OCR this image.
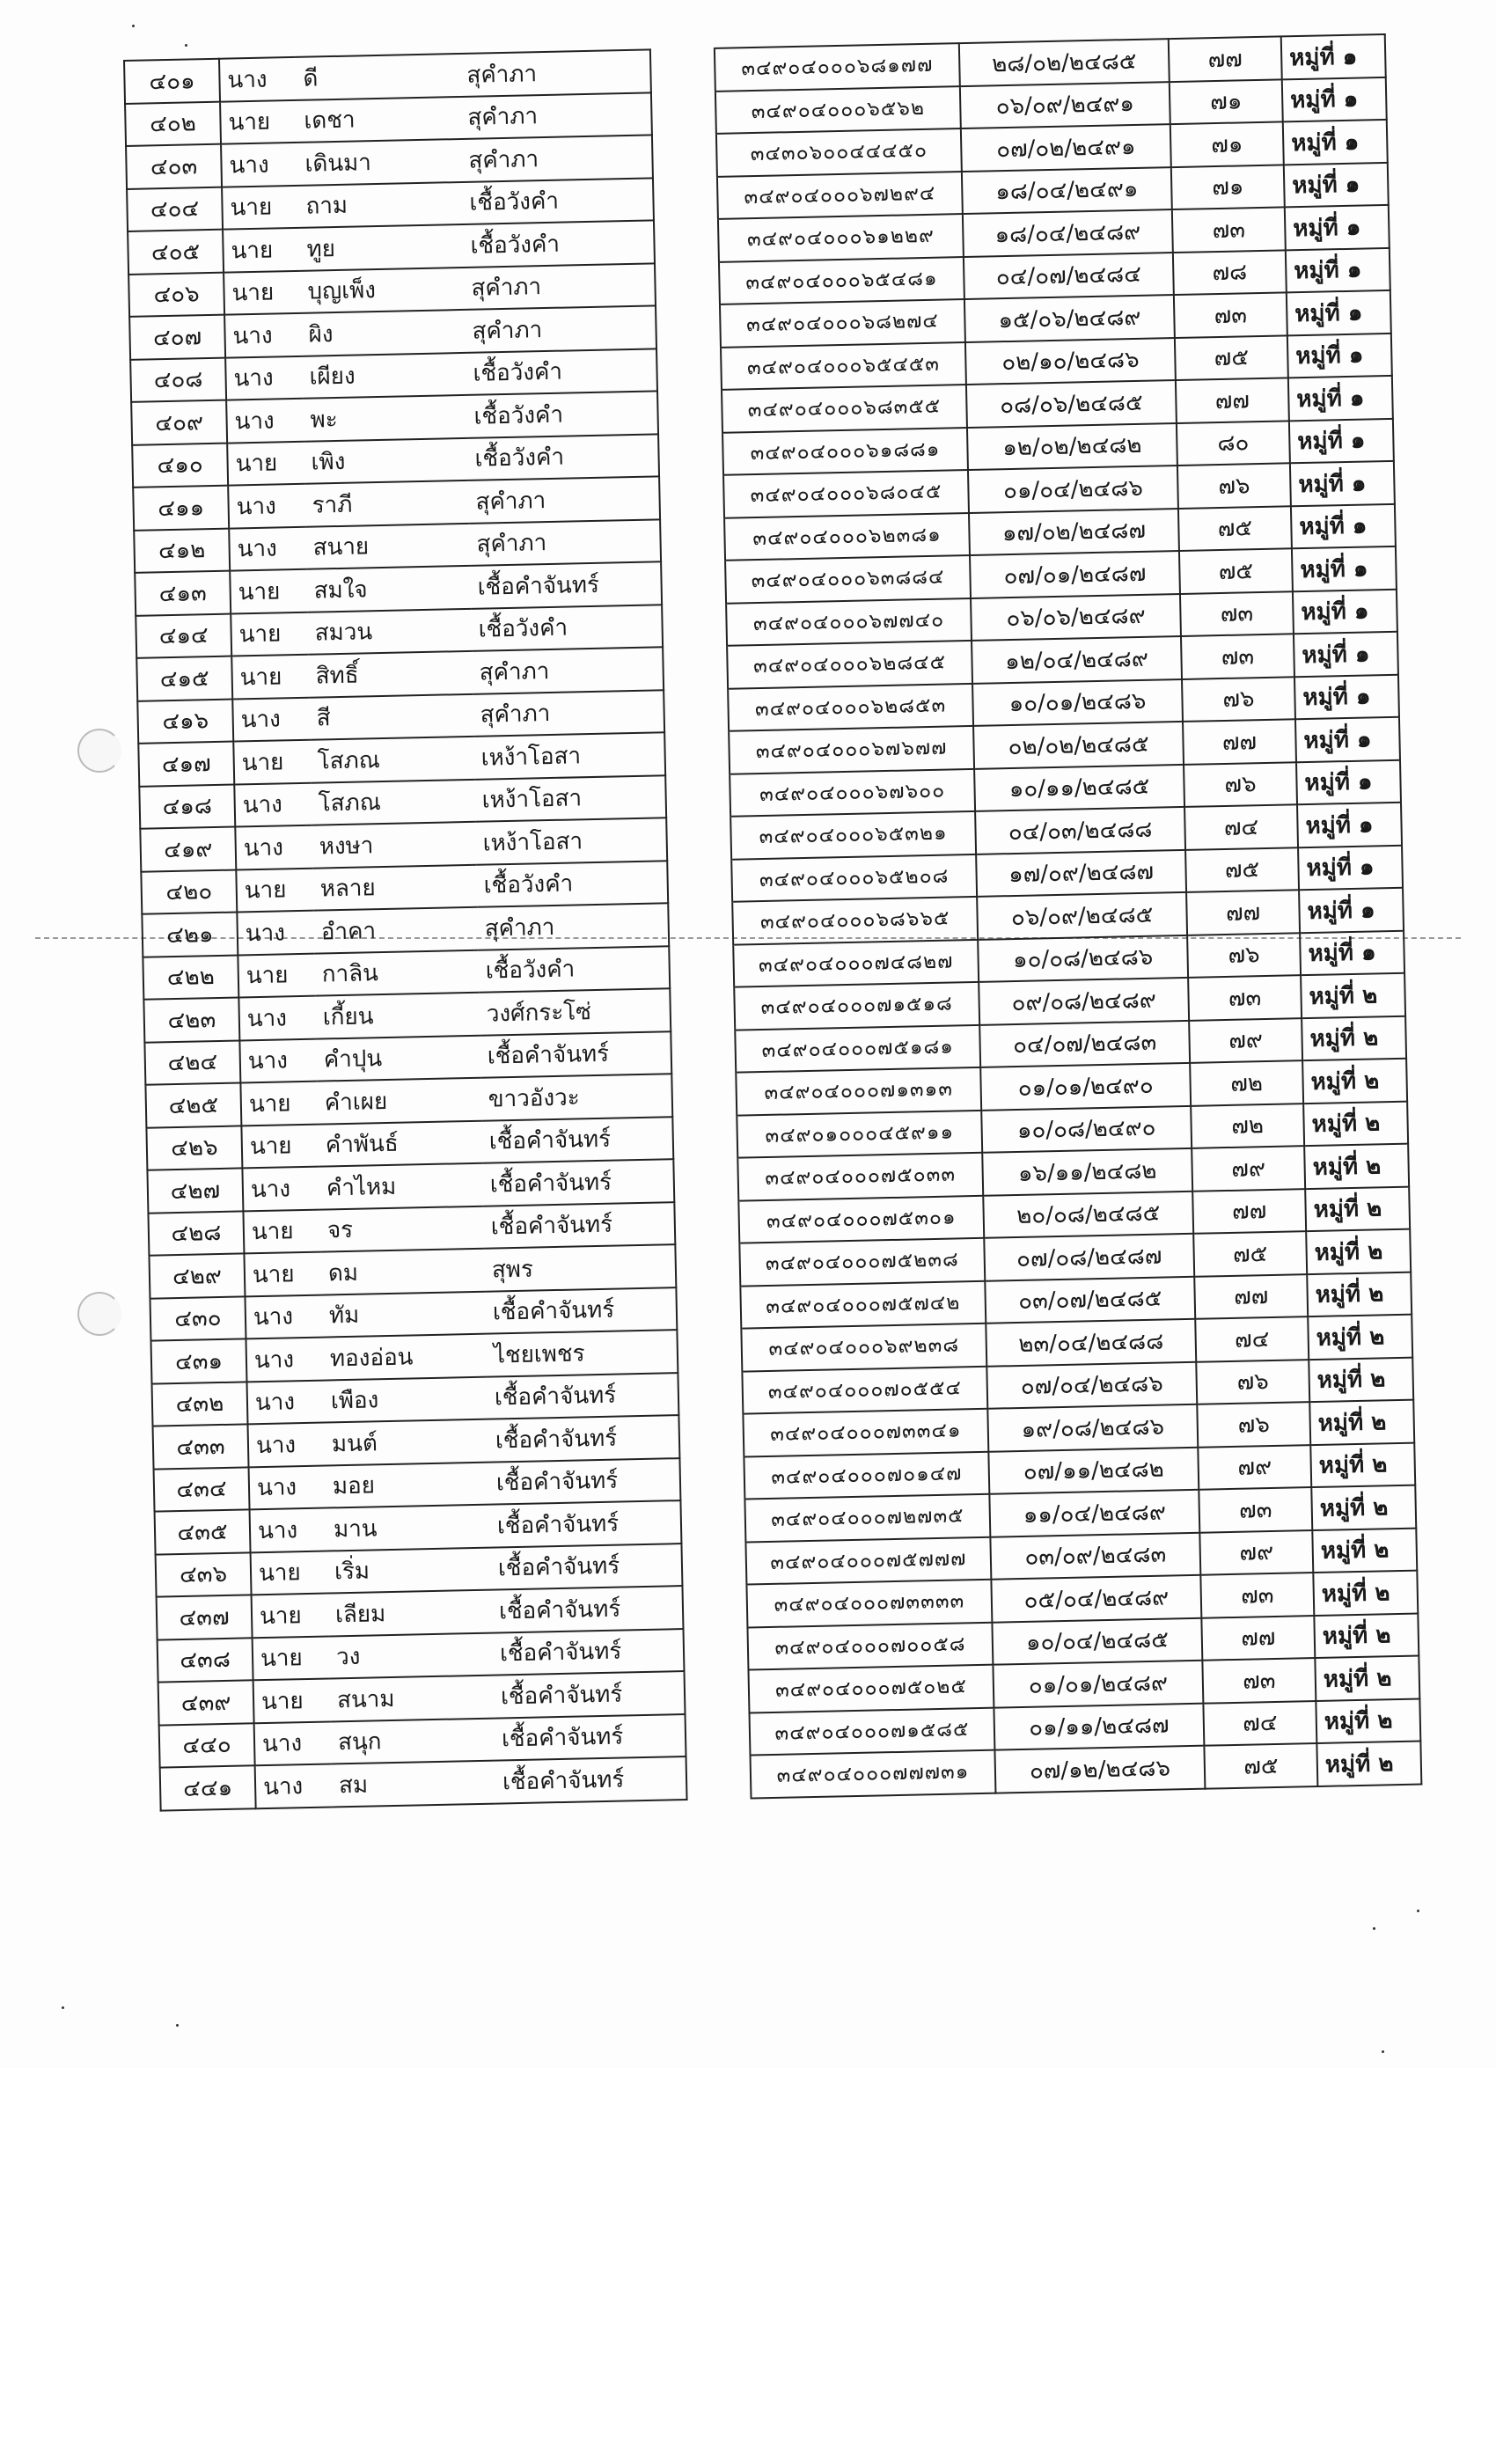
๔๐๑	นาง	ดี	สุคำภา		๓๔๙๐๔๐๐๐๖๘๑๗๗	๒๘/๐๒/๒๔๘๕	๗๗	หมู่ที่ ๑
๔๐๒	นาย	เดชา	สุคำภา		๓๔๙๐๔๐๐๐๖๕๖๒	๐๖/๐๙/๒๔๙๑	๗๑	หมู่ที่ ๑
๔๐๓	นาง	เดินมา	สุคำภา		๓๔๓๐๖๐๐๔๔๔๕๐	๐๗/๐๒/๒๔๙๑	๗๑	หมู่ที่ ๑
๔๐๔	นาย	ถาม	เชื้อวังคำ		๓๔๙๐๔๐๐๐๖๗๒๙๔	๑๘/๐๔/๒๔๙๑	๗๑	หมู่ที่ ๑
๔๐๕	นาย	ทูย	เชื้อวังคำ		๓๔๙๐๔๐๐๐๖๑๒๒๙	๑๘/๐๔/๒๔๘๙	๗๓	หมู่ที่ ๑
๔๐๖	นาย	บุญเพ็ง	สุคำภา		๓๔๙๐๔๐๐๐๖๕๔๘๑	๐๔/๐๗/๒๔๘๔	๗๘	หมู่ที่ ๑
๔๐๗	นาง	ผิง	สุคำภา		๓๔๙๐๔๐๐๐๖๘๒๗๔	๑๕/๐๖/๒๔๘๙	๗๓	หมู่ที่ ๑
๔๐๘	นาง	เผียง	เชื้อวังคำ		๓๔๙๐๔๐๐๐๖๕๔๕๓	๐๒/๑๐/๒๔๘๖	๗๕	หมู่ที่ ๑
๔๐๙	นาง	พะ	เชื้อวังคำ		๓๔๙๐๔๐๐๐๖๘๓๕๕	๐๘/๐๖/๒๔๘๕	๗๗	หมู่ที่ ๑
๔๑๐	นาย	เพิง	เชื้อวังคำ		๓๔๙๐๔๐๐๐๖๑๘๘๑	๑๒/๐๒/๒๔๘๒	๘๐	หมู่ที่ ๑
๔๑๑	นาง	ราภี	สุคำภา		๓๔๙๐๔๐๐๐๖๘๐๔๕	๐๑/๐๔/๒๔๘๖	๗๖	หมู่ที่ ๑
๔๑๒	นาง	สนาย	สุคำภา		๓๔๙๐๔๐๐๐๖๒๓๘๑	๑๗/๐๒/๒๔๘๗	๗๕	หมู่ที่ ๑
๔๑๓	นาย	สมใจ	เชื้อคำจันทร์		๓๔๙๐๔๐๐๐๖๓๘๘๔	๐๗/๐๑/๒๔๘๗	๗๕	หมู่ที่ ๑
๔๑๔	นาย	สมวน	เชื้อวังคำ		๓๔๙๐๔๐๐๐๖๗๗๔๐	๐๖/๐๖/๒๔๘๙	๗๓	หมู่ที่ ๑
๔๑๕	นาย	สิทธิ์	สุคำภา		๓๔๙๐๔๐๐๐๖๒๘๔๕	๑๒/๐๔/๒๔๘๙	๗๓	หมู่ที่ ๑
๔๑๖	นาง	สี	สุคำภา		๓๔๙๐๔๐๐๐๖๒๘๕๓	๑๐/๐๑/๒๔๘๖	๗๖	หมู่ที่ ๑
๔๑๗	นาย	โสภณ	เหง้าโอสา		๓๔๙๐๔๐๐๐๖๗๖๗๗	๐๒/๐๒/๒๔๘๕	๗๗	หมู่ที่ ๑
๔๑๘	นาง	โสภณ	เหง้าโอสา		๓๔๙๐๔๐๐๐๖๗๖๐๐	๑๐/๑๑/๒๔๘๕	๗๖	หมู่ที่ ๑
๔๑๙	นาง	หงษา	เหง้าโอสา		๓๔๙๐๔๐๐๐๖๕๓๒๑	๐๔/๐๓/๒๔๘๘	๗๔	หมู่ที่ ๑
๔๒๐	นาย	หลาย	เชื้อวังคำ		๓๔๙๐๔๐๐๐๖๕๒๐๘	๑๗/๐๙/๒๔๘๗	๗๕	หมู่ที่ ๑
๔๒๑	นาง	อำคา	สุคำภา		๓๔๙๐๔๐๐๐๖๘๖๖๕	๐๖/๐๙/๒๔๘๕	๗๗	หมู่ที่ ๑
๔๒๒	นาย	กาลิน	เชื้อวังคำ		๓๔๙๐๔๐๐๐๗๔๘๒๗	๑๐/๐๘/๒๔๘๖	๗๖	หมู่ที่ ๑
๔๒๓	นาง	เกี้ยน	วงศ์กระโซ่		๓๔๙๐๔๐๐๐๗๑๕๑๘	๐๙/๐๘/๒๔๘๙	๗๓	หมู่ที่ ๒
๔๒๔	นาง	คำปุน	เชื้อคำจันทร์		๓๔๙๐๔๐๐๐๗๕๑๘๑	๐๔/๐๗/๒๔๘๓	๗๙	หมู่ที่ ๒
๔๒๕	นาย	คำเผย	ขาวอังวะ		๓๔๙๐๔๐๐๐๗๑๓๑๓	๐๑/๐๑/๒๔๙๐	๗๒	หมู่ที่ ๒
๔๒๖	นาย	คำพันธ์	เชื้อคำจันทร์		๓๔๙๐๑๐๐๐๔๕๙๑๑	๑๐/๐๘/๒๔๙๐	๗๒	หมู่ที่ ๒
๔๒๗	นาง	คำไหม	เชื้อคำจันทร์		๓๔๙๐๔๐๐๐๗๕๐๓๓	๑๖/๑๑/๒๔๘๒	๗๙	หมู่ที่ ๒
๔๒๘	นาย	จร	เชื้อคำจันทร์		๓๔๙๐๔๐๐๐๗๕๓๐๑	๒๐/๐๘/๒๔๘๕	๗๗	หมู่ที่ ๒
๔๒๙	นาย	ดม	สุพร		๓๔๙๐๔๐๐๐๗๕๒๓๘	๐๗/๐๘/๒๔๘๗	๗๕	หมู่ที่ ๒
๔๓๐	นาง	ทัม	เชื้อคำจันทร์		๓๔๙๐๔๐๐๐๗๕๗๔๒	๐๓/๐๗/๒๔๘๕	๗๗	หมู่ที่ ๒
๔๓๑	นาง	ทองอ่อน	ไชยเพชร		๓๔๙๐๔๐๐๐๖๙๒๓๘	๒๓/๐๔/๒๔๘๘	๗๔	หมู่ที่ ๒
๔๓๒	นาง	เพือง	เชื้อคำจันทร์		๓๔๙๐๔๐๐๐๗๐๕๕๔	๐๗/๐๔/๒๔๘๖	๗๖	หมู่ที่ ๒
๔๓๓	นาง	มนต์	เชื้อคำจันทร์		๓๔๙๐๔๐๐๐๗๓๓๔๑	๑๙/๐๘/๒๔๘๖	๗๖	หมู่ที่ ๒
๔๓๔	นาง	มอย	เชื้อคำจันทร์		๓๔๙๐๔๐๐๐๗๐๑๔๗	๐๗/๑๑/๒๔๘๒	๗๙	หมู่ที่ ๒
๔๓๕	นาง	มาน	เชื้อคำจันทร์		๓๔๙๐๔๐๐๐๗๒๗๓๕	๑๑/๐๔/๒๔๘๙	๗๓	หมู่ที่ ๒
๔๓๖	นาย	เริ่ม	เชื้อคำจันทร์		๓๔๙๐๔๐๐๐๗๕๗๗๗	๐๓/๐๙/๒๔๘๓	๗๙	หมู่ที่ ๒
๔๓๗	นาย	เลียม	เชื้อคำจันทร์		๓๔๙๐๔๐๐๐๗๓๓๓๓	๐๕/๐๔/๒๔๘๙	๗๓	หมู่ที่ ๒
๔๓๘	นาย	วง	เชื้อคำจันทร์		๓๔๙๐๔๐๐๐๗๐๐๕๘	๑๐/๐๔/๒๔๘๕	๗๗	หมู่ที่ ๒
๔๓๙	นาย	สนาม	เชื้อคำจันทร์		๓๔๙๐๔๐๐๐๗๕๐๒๕	๐๑/๐๑/๒๔๘๙	๗๓	หมู่ที่ ๒
๔๔๐	นาง	สนุก	เชื้อคำจันทร์		๓๔๙๐๔๐๐๐๗๑๕๘๕	๐๑/๑๑/๒๔๘๗	๗๔	หมู่ที่ ๒
๔๔๑	นาง	สม	เชื้อคำจันทร์		๓๔๙๐๔๐๐๐๗๗๗๓๑	๐๗/๑๒/๒๔๘๖	๗๕	หมู่ที่ ๒
